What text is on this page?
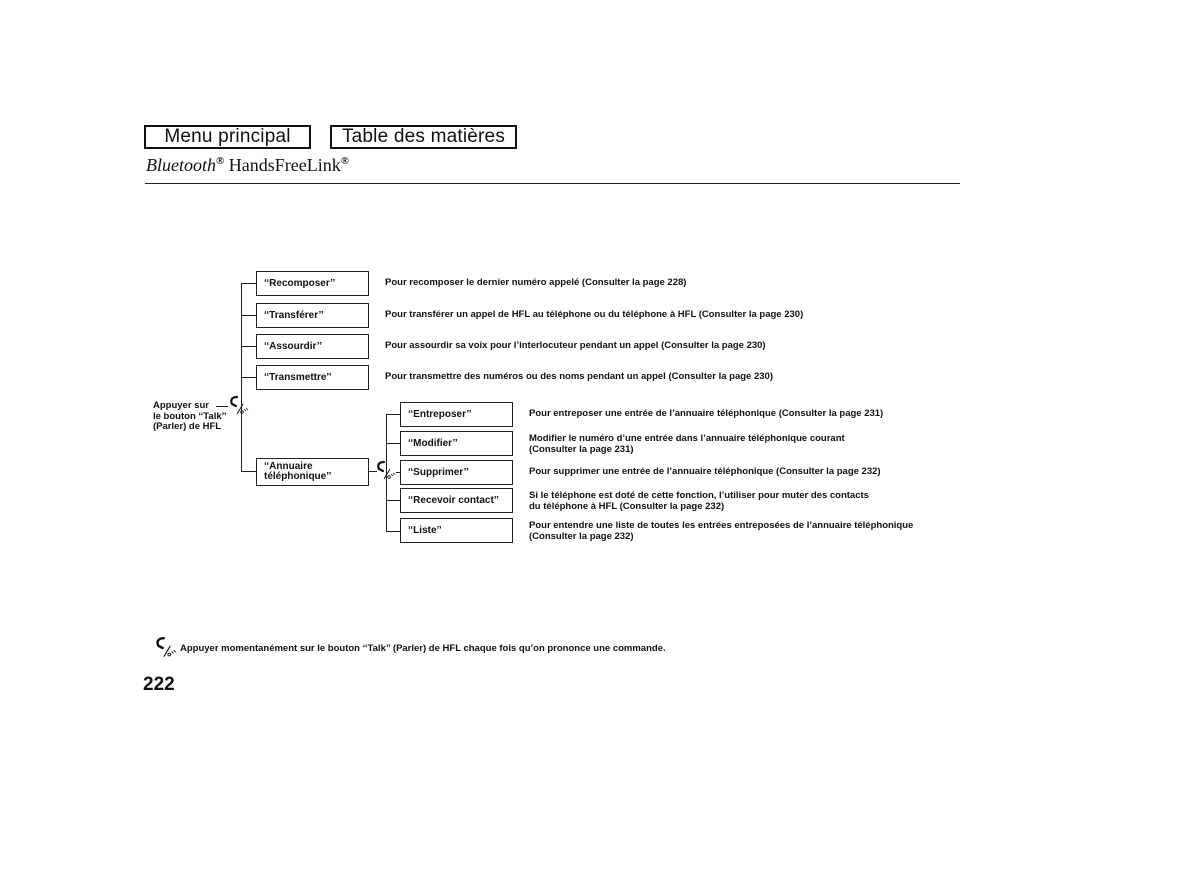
Menu principal	Table des matières
Bluetooth® HandsFreeLink®
Appuyer sur
le bouton ‘‘Talk’’
(Parler) de HFL
‘‘Recomposer’’
‘‘Transférer’’
‘‘Assourdir’’
‘‘Transmettre’’
‘‘Annuaire
téléphonique’’
Pour recomposer le dernier numéro appelé (Consulter la page 228)
Pour transférer un appel de HFL au téléphone ou du téléphone à HFL (Consulter la page 230)
Pour assourdir sa voix pour l’interlocuteur pendant un appel (Consulter la page 230)
Pour transmettre des numéros ou des noms pendant un appel (Consulter la page 230)
‘‘Entreposer’’
‘‘Modifier’’
‘‘Supprimer’’
‘‘Recevoir contact’’
‘‘Liste’’
Pour entreposer une entrée de l’annuaire téléphonique (Consulter la page 231)
Modifier le numéro d’une entrée dans l’annuaire téléphonique courant
(Consulter la page 231)
Pour supprimer une entrée de l’annuaire téléphonique (Consulter la page 232)
Si le téléphone est doté de cette fonction, l’utiliser pour muter des contacts
du téléphone à HFL (Consulter la page 232)
Pour entendre une liste de toutes les entrées entreposées de l’annuaire téléphonique
(Consulter la page 232)
Appuyer momentanément sur le bouton ‘‘Talk’’ (Parler) de HFL chaque fois qu’on prononce une commande.
222
